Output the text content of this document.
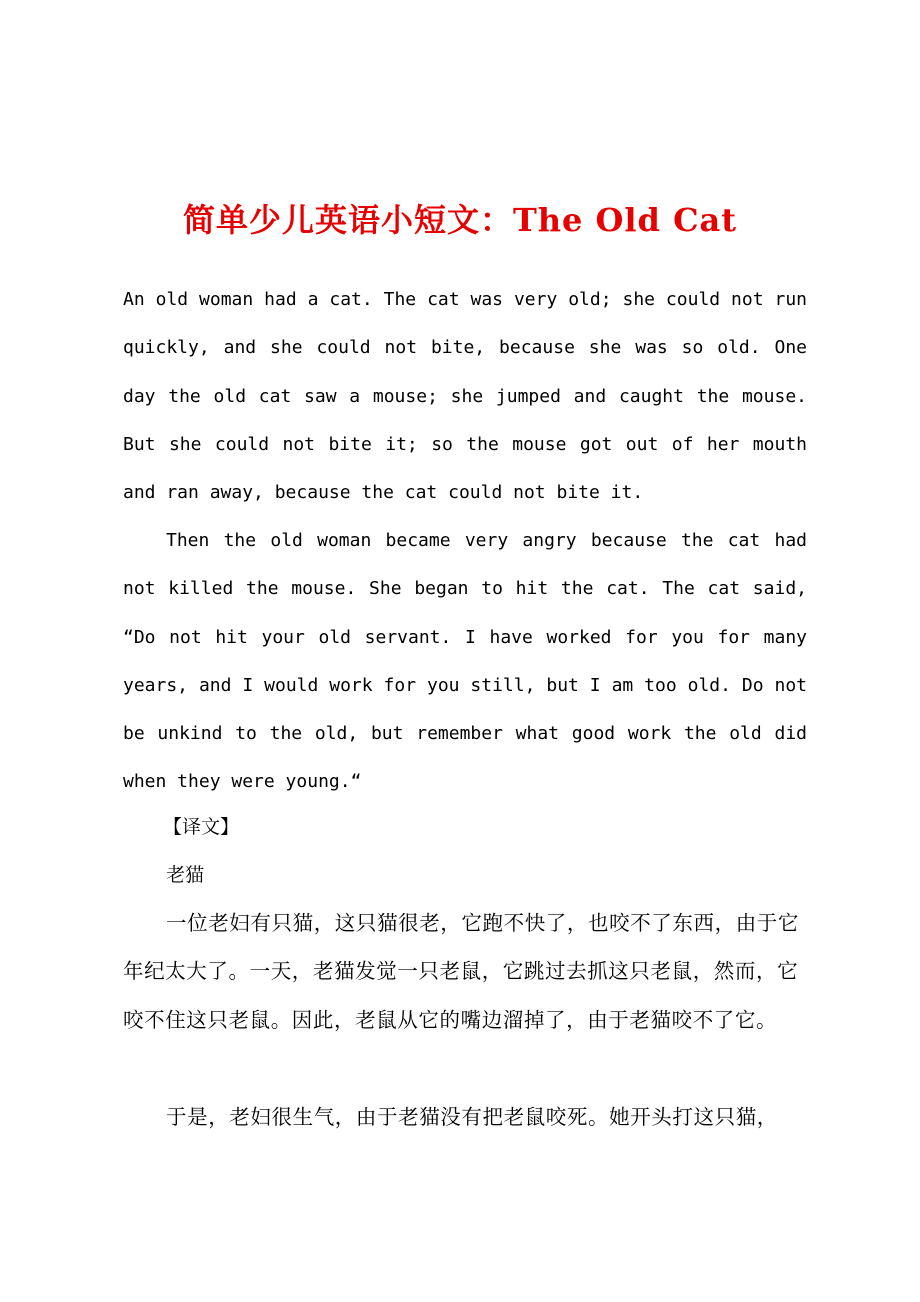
简单少儿英语小短文：The Old Cat

An old woman had a cat. The cat was very old; she could not run quickly, and she could not bite, because she was so old. One day the old cat saw a mouse; she jumped and caught the mouse. But she could not bite it; so the mouse got out of her mouth and ran away, because the cat could not bite it.

Then the old woman became very angry because the cat had not killed the mouse. She began to hit the cat. The cat said, “Do not hit your old servant. I have worked for you for many years, and I would work for you still, but I am too old. Do not be unkind to the old, but remember what good work the old did when they were young.“

【译文】

老猫

一位老妇有只猫，这只猫很老，它跑不快了，也咬不了东西，由于它年纪太大了。一天，老猫发觉一只老鼠，它跳过去抓这只老鼠，然而，它咬不住这只老鼠。因此，老鼠从它的嘴边溜掉了，由于老猫咬不了它。

于是，老妇很生气，由于老猫没有把老鼠咬死。她开头打这只猫，
